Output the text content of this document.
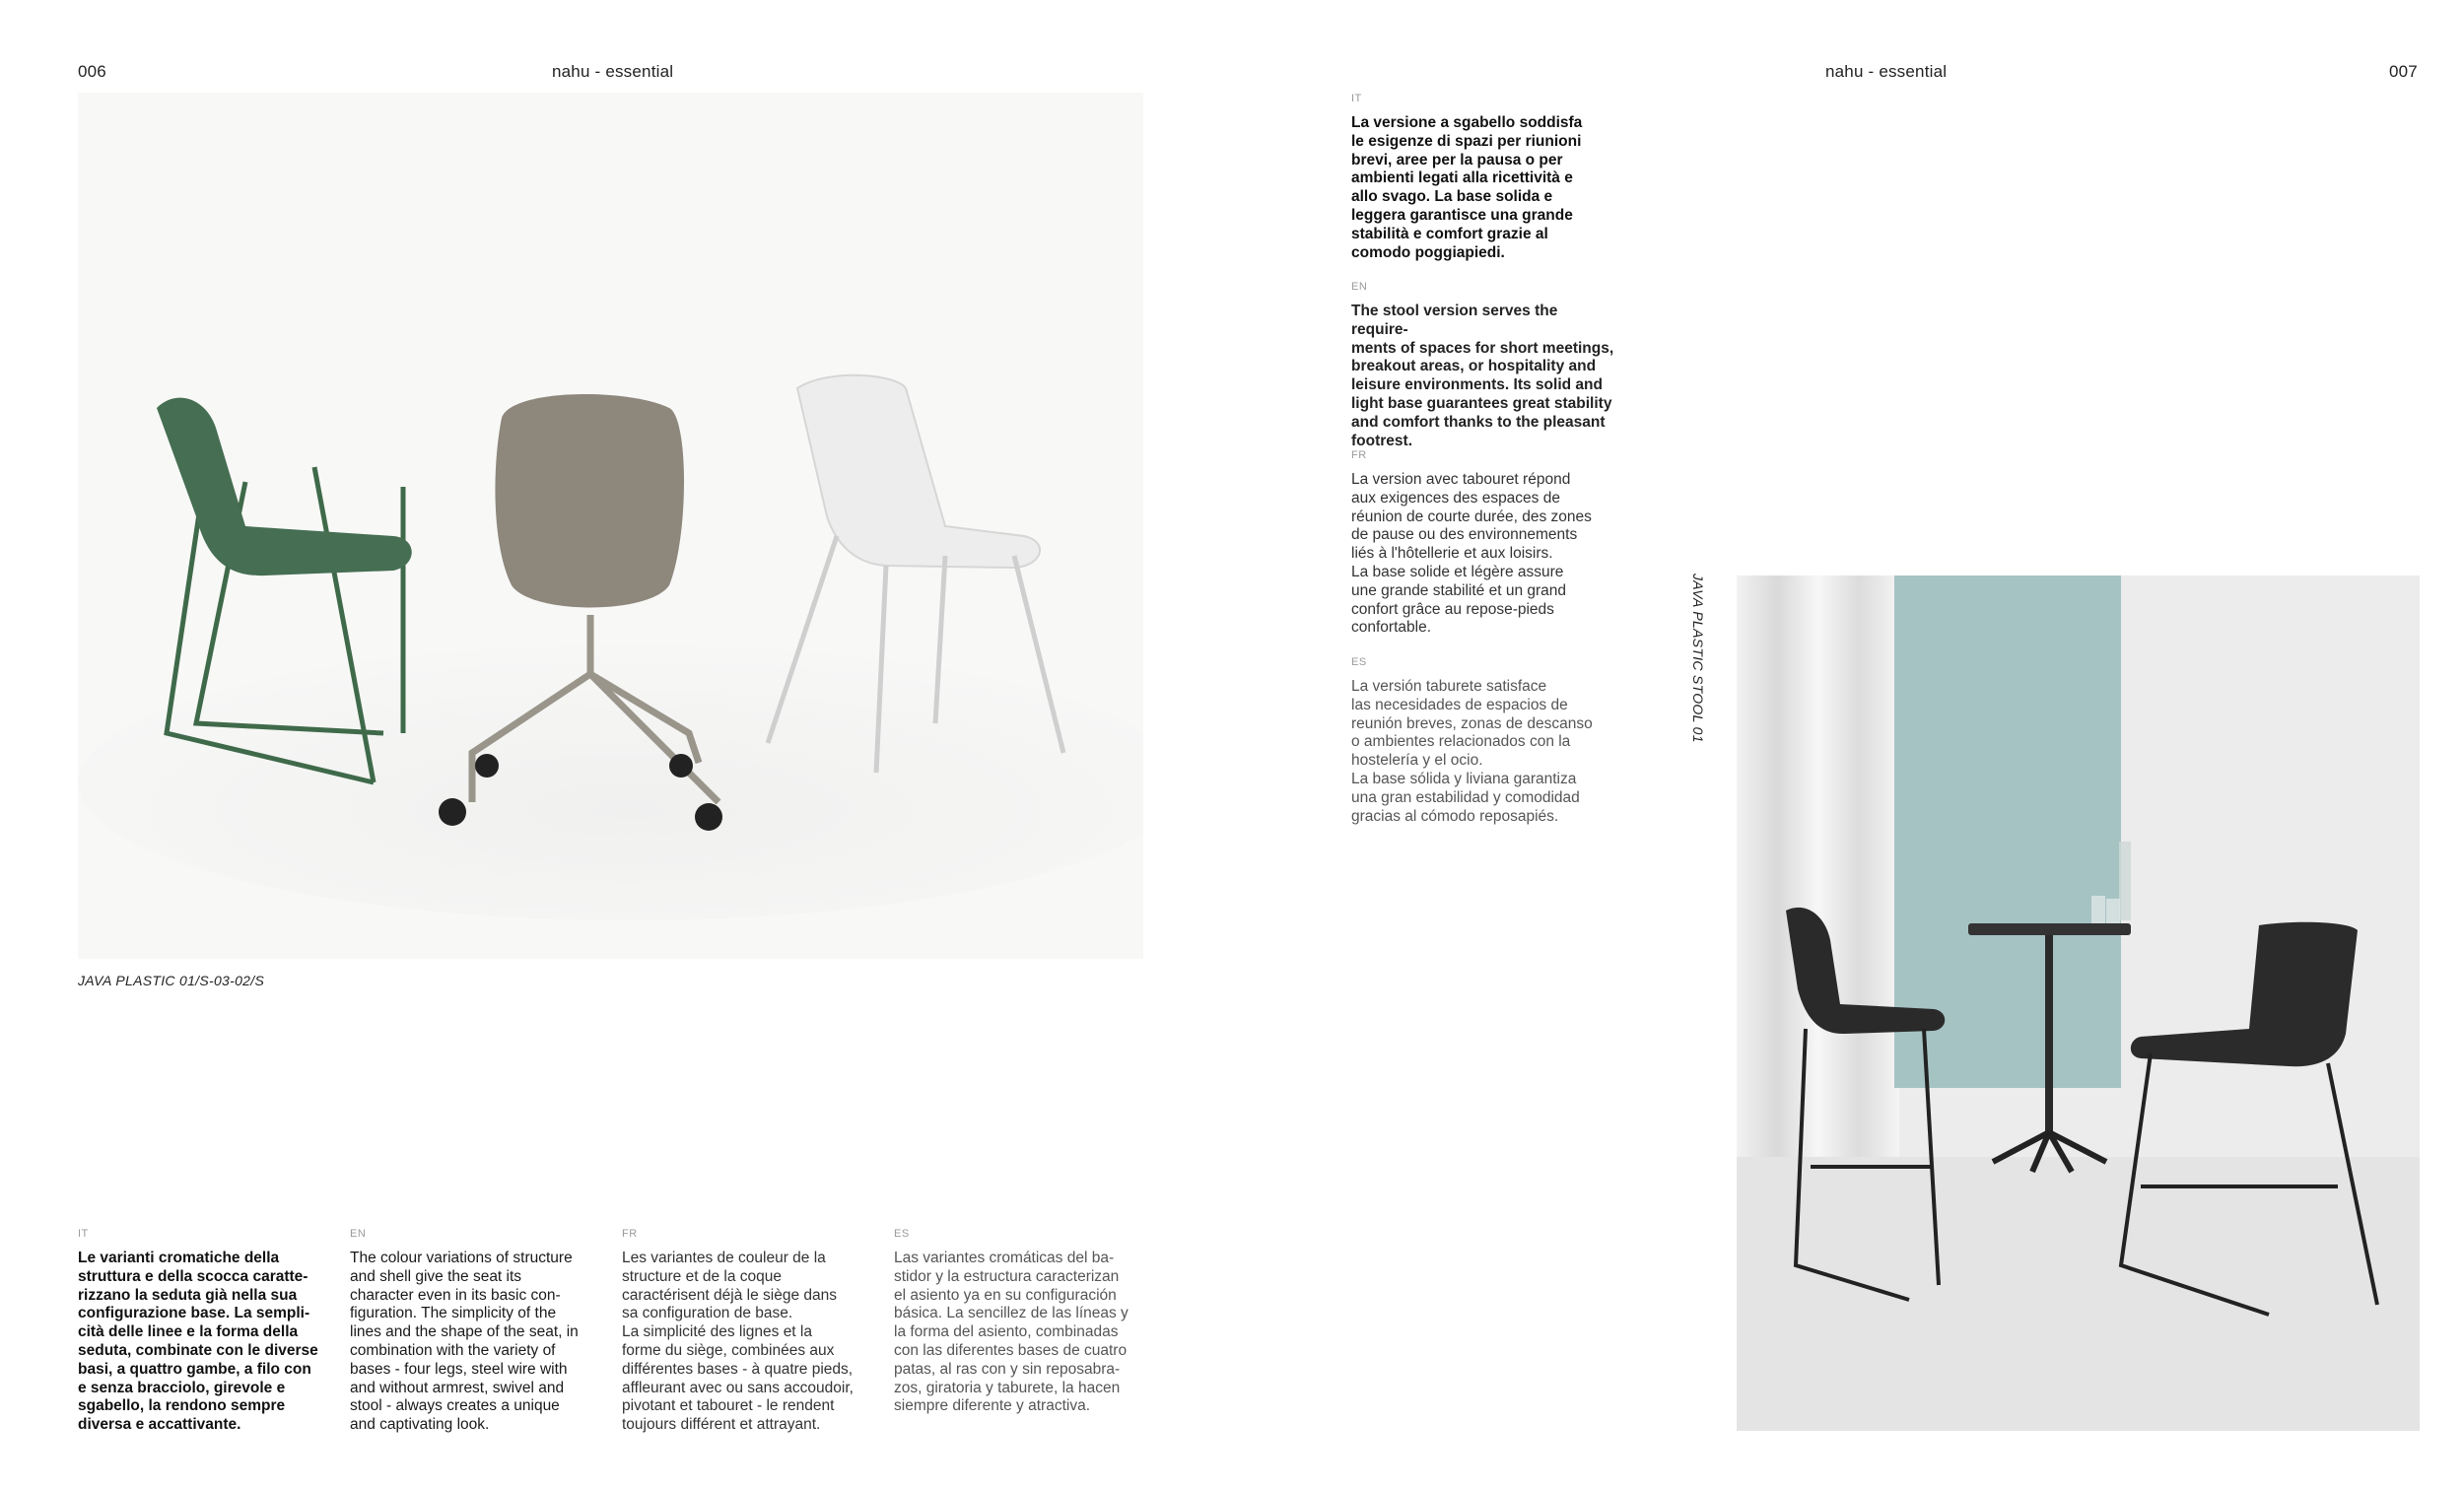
006	nahu - essential	nahu - essential	007
JAVA PLASTIC 01/S-03-02/S
IT
Le varianti cromatiche della
struttura e della scocca caratte-
rizzano la seduta già nella sua
configurazione base. La sempli-
cità delle linee e la forma della
seduta, combinate con le diverse
basi, a quattro gambe, a filo con
e senza bracciolo, girevole e
sgabello, la rendono sempre
diversa e accattivante.
EN
The colour variations of structure
and shell give the seat its
character even in its basic con-
figuration. The simplicity of the
lines and the shape of the seat, in
combination with the variety of
bases - four legs, steel wire with
and without armrest, swivel and
stool - always creates a unique
and captivating look.
FR
Les variantes de couleur de la
structure et de la coque
caractérisent déjà le siège dans
sa configuration de base.
La simplicité des lignes et la
forme du siège, combinées aux
différentes bases - à quatre pieds,
affleurant avec ou sans accoudoir,
pivotant et tabouret - le rendent
toujours différent et attrayant.
ES
Las variantes cromáticas del ba-
stidor y la estructura caracterizan
el asiento ya en su configuración
básica. La sencillez de las líneas y
la forma del asiento, combinadas
con las diferentes bases de cuatro
patas, al ras con y sin reposabra-
zos, giratoria y taburete, la hacen
siempre diferente y atractiva.
IT
La versione a sgabello soddisfa
le esigenze di spazi per riunioni
brevi, aree per la pausa o per
ambienti legati alla ricettività e
allo svago. La base solida e
leggera garantisce una grande
stabilità e comfort grazie al
comodo poggiapiedi.
EN
The stool version serves the require-
ments of spaces for short meetings,
breakout areas, or hospitality and
leisure environments. Its solid and
light base guarantees great stability
and comfort thanks to the pleasant
footrest.
FR
La version avec tabouret répond
aux exigences des espaces de
réunion de courte durée, des zones
de pause ou des environnements
liés à l'hôtellerie et aux loisirs.
La base solide et légère assure
une grande stabilité et un grand
confort grâce au repose-pieds
confortable.
ES
La versión taburete satisface
las necesidades de espacios de
reunión breves, zonas de descanso
o ambientes relacionados con la
hostelería y el ocio.
La base sólida y liviana garantiza
una gran estabilidad y comodidad
gracias al cómodo reposapiés.
JAVA PLASTIC STOOL 01
